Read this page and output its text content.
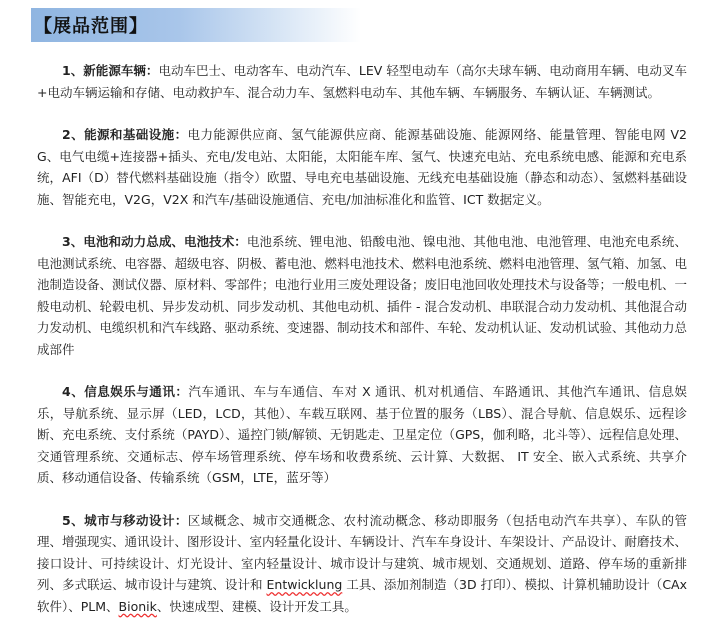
【展品范围】

1、新能源车辆：电动车巴士、电动客车、电动汽车、LEV 轻型电动车（高尔夫球车辆、电动商用车辆、电动叉车+电动车辆运输和存储、电动救护车、混合动力车、氢燃料电动车、其他车辆、车辆服务、车辆认证、车辆测试。

2、能源和基础设施：电力能源供应商、氢气能源供应商、能源基础设施、能源网络、能量管理、智能电网 V2G、电气电缆+连接器+插头、充电/发电站、太阳能，太阳能车库、氢气、快速充电站、充电系统电感、能源和充电系统，AFI（D）替代燃料基础设施（指令）欧盟、导电充电基础设施、无线充电基础设施（静态和动态）、氢燃料基础设施、智能充电，V2G，V2X 和汽车/基础设施通信、充电/加油标准化和监管、ICT 数据定义。

3、电池和动力总成、电池技术：电池系统、锂电池、铅酸电池、镍电池、其他电池、电池管理、电池充电系统、电池测试系统、电容器、超级电容、阴极、蓄电池、燃料电池技术、燃料电池系统、燃料电池管理、氢气箱、加氢、电池制造设备、测试仪器、原材料、零部件；电池行业用三废处理设备；废旧电池回收处理技术与设备等；一般电机、一般电动机、轮毂电机、异步发动机、同步发动机、其他电动机、插件 - 混合发动机、串联混合动力发动机、其他混合动力发动机、电缆织机和汽车线路、驱动系统、变速器、制动技术和部件、车轮、发动机认证、发动机试验、其他动力总成部件

4、信息娱乐与通讯：汽车通讯、车与车通信、车对 X 通讯、机对机通信、车路通讯、其他汽车通讯、信息娱乐，导航系统、显示屏（LED，LCD，其他）、车载互联网、基于位置的服务（LBS）、混合导航、信息娱乐、远程诊断、充电系统、支付系统（PAYD）、遥控门锁/解锁、无钥匙走、卫星定位（GPS，伽利略，北斗等）、远程信息处理、交通管理系统、交通标志、停车场管理系统、停车场和收费系统、云计算、大数据、 IT 安全、嵌入式系统、共享介质、移动通信设备、传输系统（GSM，LTE，蓝牙等）

5、城市与移动设计：区域概念、城市交通概念、农村流动概念、移动即服务（包括电动汽车共享）、车队的管理、增强现实、通讯设计、图形设计、室内轻量化设计、车辆设计、汽车车身设计、车架设计、产品设计、耐磨技术、接口设计、可持续设计、灯光设计、室内轻量设计、城市设计与建筑、城市规划、交通规划、道路、停车场的重新排列、多式联运、城市设计与建筑、设计和 Entwicklung 工具、添加剂制造（3D 打印）、模拟、计算机辅助设计（CAx 软件）、PLM、Bionik、快速成型、建模、设计开发工具。
